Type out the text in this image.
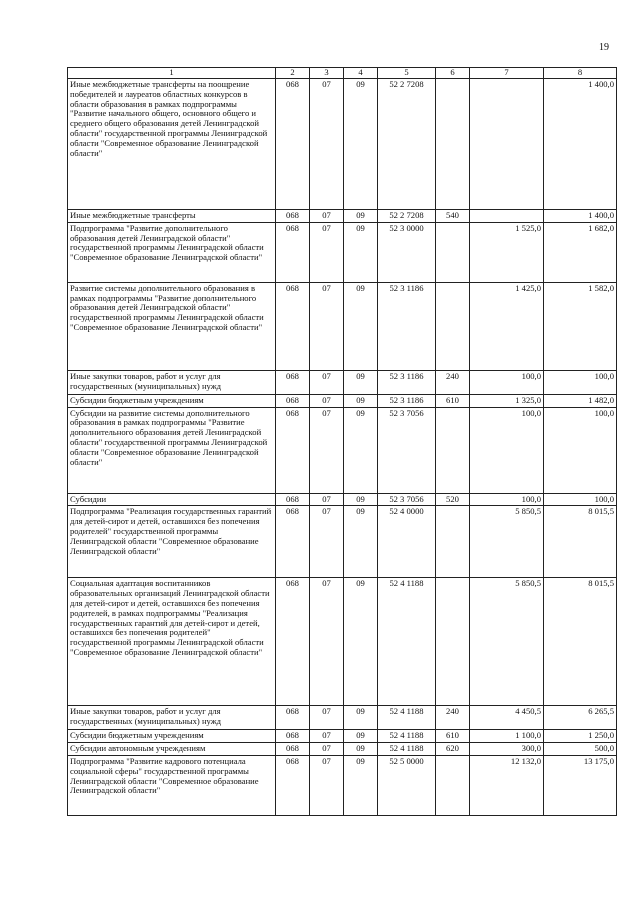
19
1	2	3	4	5	6	7	8
Иные межбюджетные трансферты на поощрение победителей и лауреатов областных конкурсов в области образования в рамках подпрограммы "Развитие начального общего, основного общего и среднего общего образования детей Ленинградской области" государственной программы Ленинградской области "Современное образование Ленинградской области"	068	07	09	52 2 7208			1 400,0
Иные межбюджетные трансферты	068	07	09	52 2 7208	540		1 400,0
Подпрограмма "Развитие дополнительного образования детей Ленинградской области" государственной программы Ленинградской области "Современное образование Ленинградской области"	068	07	09	52 3 0000		1 525,0	1 682,0
Развитие системы дополнительного образования в рамках подпрограммы "Развитие дополнительного образования детей Ленинградской области" государственной программы Ленинградской области "Современное образование Ленинградской области"	068	07	09	52 3 1186		1 425,0	1 582,0
Иные закупки товаров, работ и услуг для государственных (муниципальных) нужд	068	07	09	52 3 1186	240	100,0	100,0
Субсидии бюджетным учреждениям	068	07	09	52 3 1186	610	1 325,0	1 482,0
Субсидии на развитие системы дополнительного образования в рамках подпрограммы "Развитие дополнительного образования детей Ленинградской области" государственной программы Ленинградской области "Современное образование Ленинградской области"	068	07	09	52 3 7056		100,0	100,0
Субсидии	068	07	09	52 3 7056	520	100,0	100,0
Подпрограмма "Реализация государственных гарантий для детей-сирот и детей, оставшихся без попечения родителей" государственной программы Ленинградской области "Современное образование Ленинградской области"	068	07	09	52 4 0000		5 850,5	8 015,5
Социальная адаптация воспитанников образовательных организаций Ленинградской области для детей-сирот и детей, оставшихся без попечения родителей, в рамках подпрограммы "Реализация государственных гарантий для детей-сирот и детей, оставшихся без попечения родителей" государственной программы Ленинградской области "Современное образование Ленинградской области"	068	07	09	52 4 1188		5 850,5	8 015,5
Иные закупки товаров, работ и услуг для государственных (муниципальных) нужд	068	07	09	52 4 1188	240	4 450,5	6 265,5
Субсидии бюджетным учреждениям	068	07	09	52 4 1188	610	1 100,0	1 250,0
Субсидии автономным учреждениям	068	07	09	52 4 1188	620	300,0	500,0
Подпрограмма "Развитие кадрового потенциала социальной сферы" государственной программы Ленинградской области "Современное образование Ленинградской области"	068	07	09	52 5 0000		12 132,0	13 175,0
